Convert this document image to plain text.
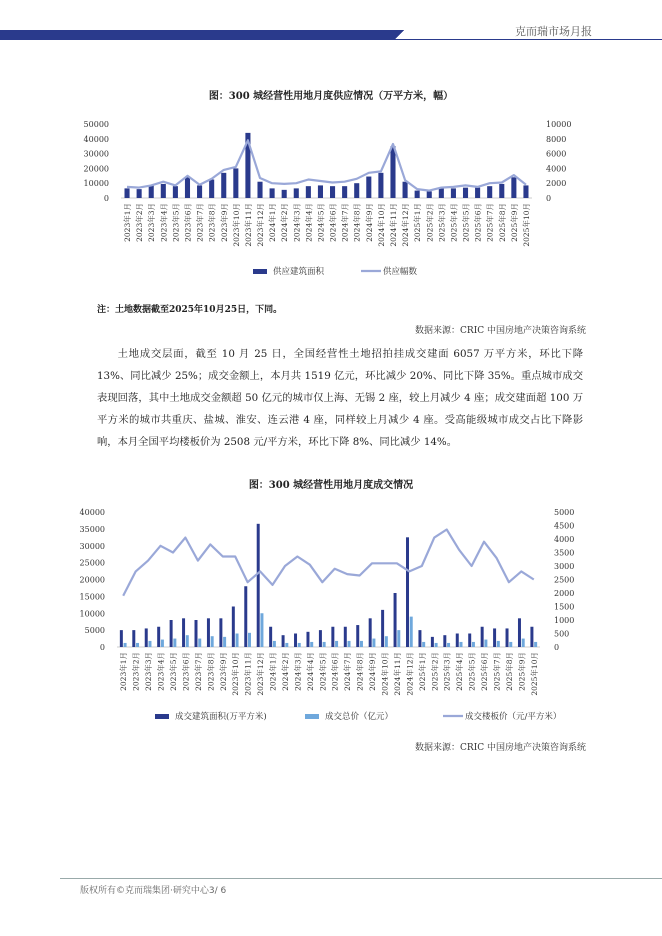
克而瑞市场月报
图：300 城经营性用地月度供应情况（万平方米，幅）
0
10000
20000
30000
40000
50000
0
2000
4000
6000
8000
10000
2023年1月 2023年2月 2023年3月 2023年4月 2023年5月 2023年6月 2023年7月 2023年8月 2023年9月 2023年10月 2023年11月 2023年12月 2024年1月 2024年2月 2024年3月 2024年4月 2024年5月 2024年6月 2024年7月 2024年8月 2024年9月 2024年10月 2024年11月 2024年12月 2025年1月 2025年2月 2025年3月 2025年4月 2025年5月 2025年6月 2025年7月 2025年8月 2025年9月 2025年10月
供应建筑面积	供应幅数
注：土地数据截至2025年10月25日，下同。
数据来源：CRIC 中国房地产决策咨询系统
土地成交层面，截至 10 月 25 日，全国经营性土地招拍挂成交建面 6057 万平方米，环比下降 13%、同比减少 25%；成交金额上，本月共 1519 亿元，环比减少 20%、同比下降 35%。重点城市成交表现回落，其中土地成交金额超 50 亿元的城市仅上海、无锡 2 座，较上月减少 4 座；成交建面超 100 万平方米的城市共重庆、盐城、淮安、连云港 4 座，同样较上月减少 4 座。受高能级城市成交占比下降影响，本月全国平均楼板价为 2508 元/平方米，环比下降 8%、同比减少 14%。
图：300 城经营性用地月度成交情况
0
5000
10000
15000
20000
25000
30000
35000
40000
0
500
1000
1500
2000
2500
3000
3500
4000
4500
5000
2023年1月 2023年2月 2023年3月 2023年4月 2023年5月 2023年6月 2023年7月 2023年8月 2023年9月 2023年10月 2023年11月 2023年12月 2024年1月 2024年2月 2024年3月 2024年4月 2024年5月 2024年6月 2024年7月 2024年8月 2024年9月 2024年10月 2024年11月 2024年12月 2025年1月 2025年2月 2025年3月 2025年4月 2025年5月 2025年6月 2025年7月 2025年8月 2025年9月 2025年10月
成交建筑面积(万平方米)	成交总价（亿元）	成交楼板价（元/平方米）
数据来源：CRIC 中国房地产决策咨询系统
版权所有©克而瑞集团·研究中心3/ 6
